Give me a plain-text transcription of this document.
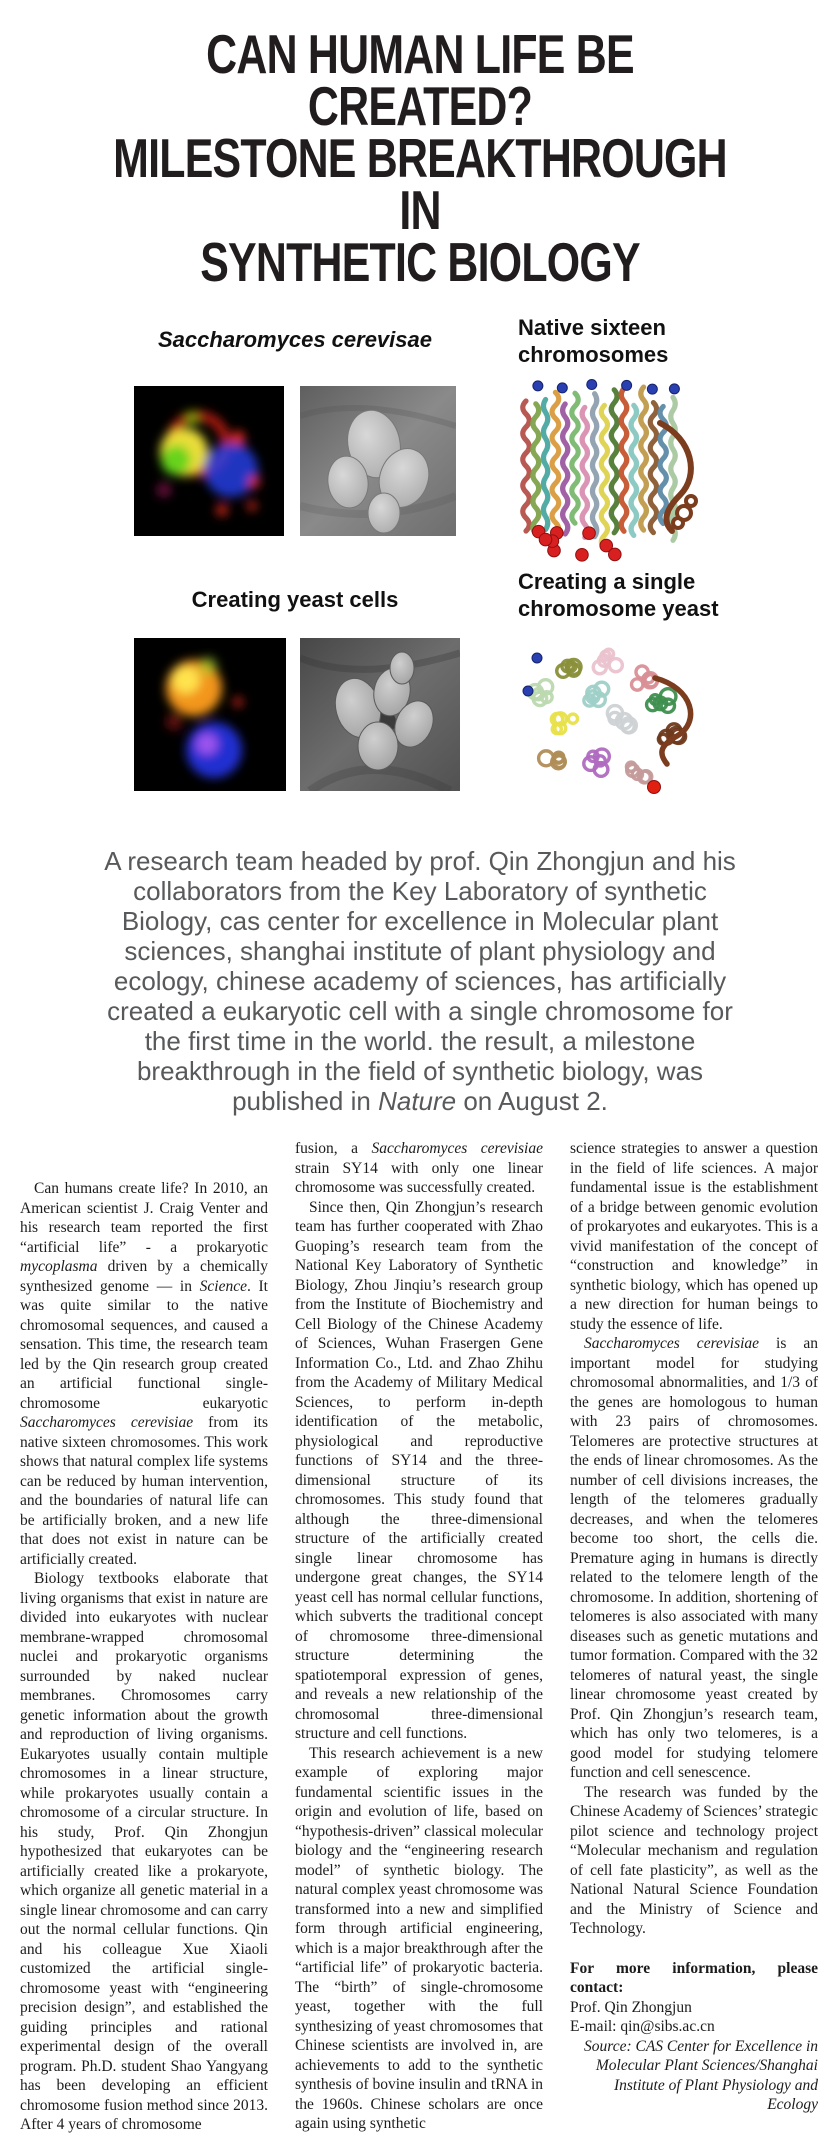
CAN HUMAN LIFE BE CREATED?
MILESTONE BREAKTHROUGH IN
SYNTHETIC BIOLOGY
Saccharomyces cerevisae	Native sixteen
chromosomes
Creating yeast cells
Creating a single
chromosome yeast

A research team headed by prof. Qin Zhongjun and his collaborators from the Key Laboratory of synthetic Biology, cas center for excellence in Molecular plant sciences, shanghai institute of plant physiology and ecology, chinese academy of sciences, has artificially created a eukaryotic cell with a single chromosome for the first time in the world. the result, a milestone breakthrough in the field of synthetic biology, was published in Nature on August 2.

Can humans create life? In 2010, an American scientist J. Craig Venter and his research team reported the first “artificial life” - a prokaryotic mycoplasma driven by a chemically synthesized genome — in Science. It was quite similar to the native chromosomal sequences, and caused a sensation. This time, the research team led by the Qin research group created an artificial functional single-chromosome eukaryotic Saccharomyces cerevisiae from its native sixteen chromosomes. This work shows that natural complex life systems can be reduced by human intervention, and the boundaries of natural life can be artificially broken, and a new life that does not exist in nature can be artificially created.

Biology textbooks elaborate that living organisms that exist in nature are divided into eukaryotes with nuclear membrane-wrapped chromosomal nuclei and prokaryotic organisms surrounded by naked nuclear membranes. Chromosomes carry genetic information about the growth and reproduction of living organisms. Eukaryotes usually contain multiple chromosomes in a linear structure, while prokaryotes usually contain a chromosome of a circular structure. In his study, Prof. Qin Zhongjun hypothesized that eukaryotes can be artificially created like a prokaryote, which organize all genetic material in a single linear chromosome and can carry out the normal cellular functions. Qin and his colleague Xue Xiaoli customized the artificial single-chromosome yeast with “engineering precision design”, and established the guiding principles and rational experimental design of the overall program. Ph.D. student Shao Yangyang has been developing an efficient chromosome fusion method since 2013. After 4 years of chromosome

fusion, a Saccharomyces cerevisiae strain SY14 with only one linear chromosome was successfully created.

Since then, Qin Zhongjun’s research team has further cooperated with Zhao Guoping’s research team from the National Key Laboratory of Synthetic Biology, Zhou Jinqiu’s research group from the Institute of Biochemistry and Cell Biology of the Chinese Academy of Sciences, Wuhan Frasergen Gene Information Co., Ltd. and Zhao Zhihu from the Academy of Military Medical Sciences, to perform in-depth identification of the metabolic, physiological and reproductive functions of SY14 and the three-dimensional structure of its chromosomes. This study found that although the three-dimensional structure of the artificially created single linear chromosome has undergone great changes, the SY14 yeast cell has normal cellular functions, which subverts the traditional concept of chromosome three-dimensional structure determining the spatiotemporal expression of genes, and reveals a new relationship of the chromosomal three-dimensional structure and cell functions.

This research achievement is a new example of exploring major fundamental scientific issues in the origin and evolution of life, based on “hypothesis-driven” classical molecular biology and the “engineering research model” of synthetic biology. The natural complex yeast chromosome was transformed into a new and simplified form through artificial engineering, which is a major breakthrough after the “artificial life” of prokaryotic bacteria. The “birth” of single-chromosome yeast, together with the full synthesizing of yeast chromosomes that Chinese scientists are involved in, are achievements to add to the synthetic synthesis of bovine insulin and tRNA in the 1960s. Chinese scholars are once again using synthetic

science strategies to answer a question in the field of life sciences. A major fundamental issue is the establishment of a bridge between genomic evolution of prokaryotes and eukaryotes. This is a vivid manifestation of the concept of “construction and knowledge” in synthetic biology, which has opened up a new direction for human beings to study the essence of life.

Saccharomyces cerevisiae is an important model for studying chromosomal abnormalities, and 1/3 of the genes are homologous to human with 23 pairs of chromosomes. Telomeres are protective structures at the ends of linear chromosomes. As the number of cell divisions increases, the length of the telomeres gradually decreases, and when the telomeres become too short, the cells die. Premature aging in humans is directly related to the telomere length of the chromosome. In addition, shortening of telomeres is also associated with many diseases such as genetic mutations and tumor formation. Compared with the 32 telomeres of natural yeast, the single linear chromosome yeast created by Prof. Qin Zhongjun’s research team, which has only two telomeres, is a good model for studying telomere function and cell senescence.

The research was funded by the Chinese Academy of Sciences’ strategic pilot science and technology project “Molecular mechanism and regulation of cell fate plasticity”, as well as the National Natural Science Foundation and the Ministry of Science and Technology.

For more information, please contact:

Prof. Qin Zhongjun

E-mail: qin@sibs.ac.cn

Source: CAS Center for Excellence in Molecular Plant Sciences/Shanghai Institute of Plant Physiology and Ecology
